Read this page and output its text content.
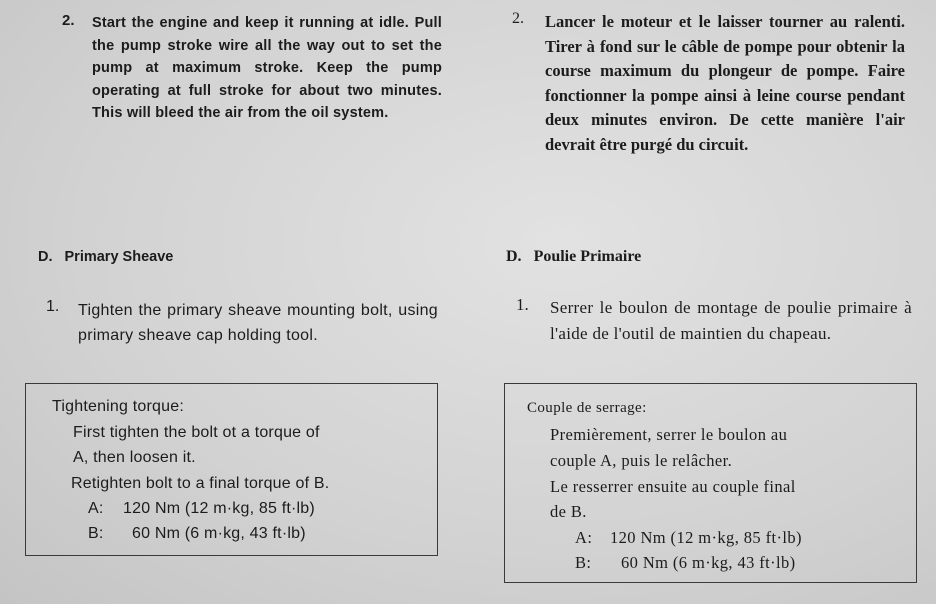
2. Start the engine and keep it running at idle. Pull the pump stroke wire all the way out to set the pump at maximum stroke. Keep the pump operating at full stroke for about two minutes. This will bleed the air from the oil system.
D. Primary Sheave
1. Tighten the primary sheave mounting bolt, using primary sheave cap holding tool.
Tightening torque:
First tighten the bolt ot a torque of
A, then loosen it.
Retighten bolt to a final torque of B.
A: 120 Nm (12 m·kg, 85 ft·lb)
B: 60 Nm (6 m·kg, 43 ft·lb)
2. Lancer le moteur et le laisser tourner au ralenti. Tirer à fond sur le câble de pompe pour obtenir la course maximum du plongeur de pompe. Faire fonctionner la pompe ainsi à leine course pendant deux minutes environ. De cette manière l'air devrait être purgé du circuit.
D. Poulie Primaire
1. Serrer le boulon de montage de poulie primaire à l'aide de l'outil de maintien du chapeau.
Couple de serrage:
Premièrement, serrer le boulon au
couple A, puis le relâcher.
Le resserrer ensuite au couple final
de B.
A: 120 Nm (12 m·kg, 85 ft·lb)
B: 60 Nm (6 m·kg, 43 ft·lb)
